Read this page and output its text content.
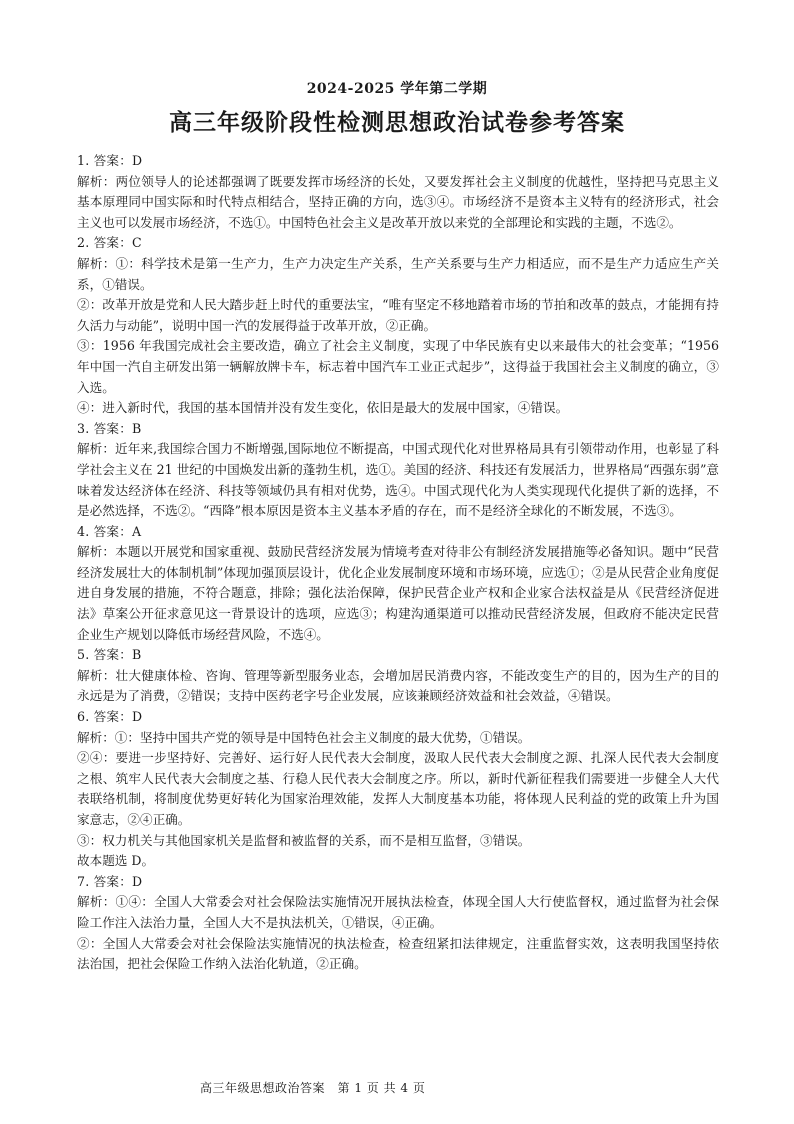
2024-2025 学年第二学期
高三年级阶段性检测思想政治试卷参考答案

1. 答案：D

解析：两位领导人的论述都强调了既要发挥市场经济的长处，又要发挥社会主义制度的优越性，坚持把马克思主义基本原理同中国实际和时代特点相结合，坚持正确的方向，选③④。市场经济不是资本主义特有的经济形式，社会主义也可以发展市场经济，不选①。中国特色社会主义是改革开放以来党的全部理论和实践的主题，不选②。

2. 答案：C

解析：①：科学技术是第一生产力，生产力决定生产关系，生产关系要与生产力相适应，而不是生产力适应生产关系，①错误。

②：改革开放是党和人民大踏步赶上时代的重要法宝，“唯有坚定不移地踏着市场的节拍和改革的鼓点，才能拥有持久活力与动能”，说明中国一汽的发展得益于改革开放，②正确。

③：1956 年我国完成社会主要改造，确立了社会主义制度，实现了中华民族有史以来最伟大的社会变革；“1956 年中国一汽自主研发出第一辆解放牌卡车，标志着中国汽车工业正式起步”，这得益于我国社会主义制度的确立，③入选。

④：进入新时代，我国的基本国情并没有发生变化，依旧是最大的发展中国家，④错误。

3. 答案：B

解析：近年来,我国综合国力不断增强,国际地位不断提高，中国式现代化对世界格局具有引领带动作用，也彰显了科学社会主义在 21 世纪的中国焕发出新的蓬勃生机，选①。美国的经济、科技还有发展活力，世界格局“西强东弱”意味着发达经济体在经济、科技等领域仍具有相对优势，选④。中国式现代化为人类实现现代化提供了新的选择，不是必然选择，不选②。“西降”根本原因是资本主义基本矛盾的存在，而不是经济全球化的不断发展，不选③。

4. 答案：A

解析：本题以开展党和国家重视、鼓励民营经济发展为情境考查对待非公有制经济发展措施等必备知识。题中“民营经济发展壮大的体制机制”体现加强顶层设计，优化企业发展制度环境和市场环境，应选①；②是从民营企业角度促进自身发展的措施，不符合题意，排除；强化法治保障，保护民营企业产权和企业家合法权益是从《民营经济促进法》草案公开征求意见这一背景设计的选项，应选③；构建沟通渠道可以推动民营经济发展，但政府不能决定民营企业生产规划以降低市场经营风险，不选④。

5. 答案：B

解析：壮大健康体检、咨询、管理等新型服务业态，会增加居民消费内容，不能改变生产的目的，因为生产的目的永远是为了消费，②错误；支持中医药老字号企业发展，应该兼顾经济效益和社会效益，④错误。

6. 答案：D

解析：①：坚持中国共产党的领导是中国特色社会主义制度的最大优势，①错误。

②④：要进一步坚持好、完善好、运行好人民代表大会制度，汲取人民代表大会制度之源、扎深人民代表大会制度之根、筑牢人民代表大会制度之基、行稳人民代表大会制度之序。所以，新时代新征程我们需要进一步健全人大代表联络机制，将制度优势更好转化为国家治理效能，发挥人大制度基本功能，将体现人民利益的党的政策上升为国家意志，②④正确。

③：权力机关与其他国家机关是监督和被监督的关系，而不是相互监督，③错误。

故本题选 D。

7. 答案：D

解析：①④：全国人大常委会对社会保险法实施情况开展执法检查，体现全国人大行使监督权，通过监督为社会保险工作注入法治力量，全国人大不是执法机关，①错误，④正确。

②：全国人大常委会对社会保险法实施情况的执法检查，检查纽紧扣法律规定，注重监督实效，这表明我国坚持依法治国，把社会保险工作纳入法治化轨道，②正确。

高三年级思想政治答案　第 1 页 共 4 页
